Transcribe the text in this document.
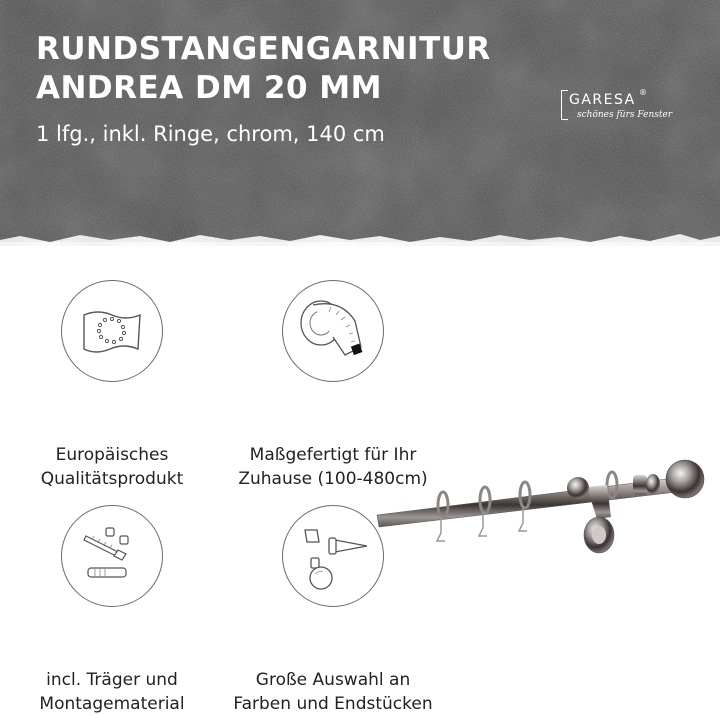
RUNDSTANGENGARNITUR
ANDREA DM 20 MM
1 lfg., inkl. Ringe, chrom, 140 cm
GARESA ®
schönes fürs Fenster
Europäisches
Qualitätsprodukt
Maßgefertigt für Ihr
Zuhause (100-480cm)
incl. Träger und
Montagematerial
Große Auswahl an
Farben und Endstücken
